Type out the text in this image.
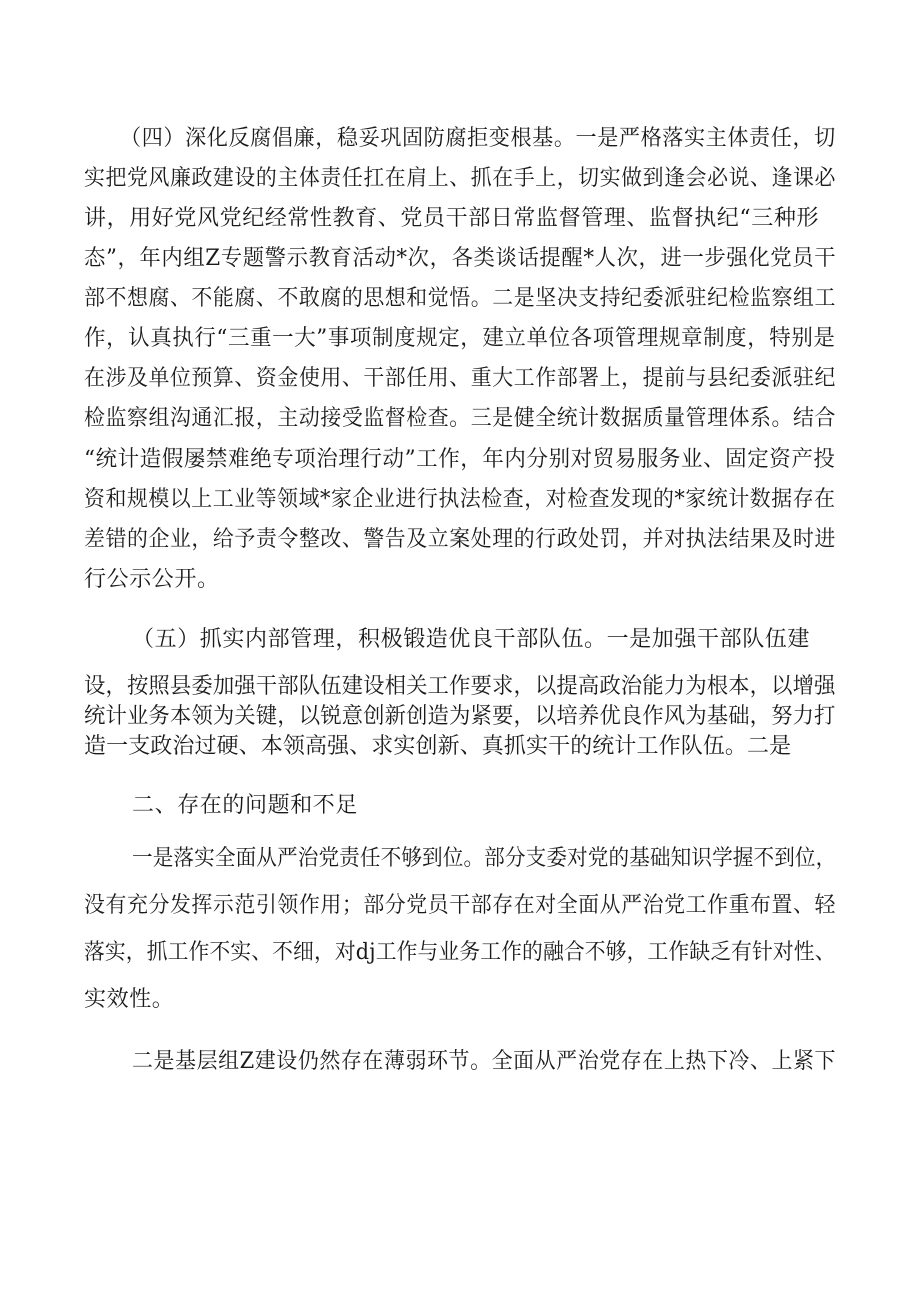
（四）深化反腐倡廉，稳妥巩固防腐拒变根基。一是严格落实主体责任，切
实把党风廉政建设的主体责任扛在肩上、抓在手上，切实做到逢会必说、逢课必
讲，用好党风党纪经常性教育、党员干部日常监督管理、监督执纪“三种形
态”，年内组Z专题警示教育活动*次，各类谈话提醒*人次，进一步强化党员干
部不想腐、不能腐、不敢腐的思想和觉悟。二是坚决支持纪委派驻纪检监察组工
作，认真执行“三重一大”事项制度规定，建立单位各项管理规章制度，特别是
在涉及单位预算、资金使用、干部任用、重大工作部署上，提前与县纪委派驻纪
检监察组沟通汇报，主动接受监督检查。三是健全统计数据质量管理体系。结合
“统计造假屡禁难绝专项治理行动”工作，年内分别对贸易服务业、固定资产投
资和规模以上工业等领域*家企业进行执法检查，对检查发现的*家统计数据存在
差错的企业，给予责令整改、警告及立案处理的行政处罚，并对执法结果及时进
行公示公开。
（五）抓实内部管理，积极锻造优良干部队伍。一是加强干部队伍建
设，按照县委加强干部队伍建设相关工作要求，以提高政治能力为根本，以增强
统计业务本领为关键，以锐意创新创造为紧要，以培养优良作风为基础，努力打
造一支政治过硬、本领高强、求实创新、真抓实干的统计工作队伍。二是
二、存在的问题和不足
一是落实全面从严治党责任不够到位。部分支委对党的基础知识学握不到位，
没有充分发挥示范引领作用；部分党员干部存在对全面从严治党工作重布置、轻
落实，抓工作不实、不细，对dj工作与业务工作的融合不够，工作缺乏有针对性、
实效性。
二是基层组Z建设仍然存在薄弱环节。全面从严治党存在上热下冷、上紧下
